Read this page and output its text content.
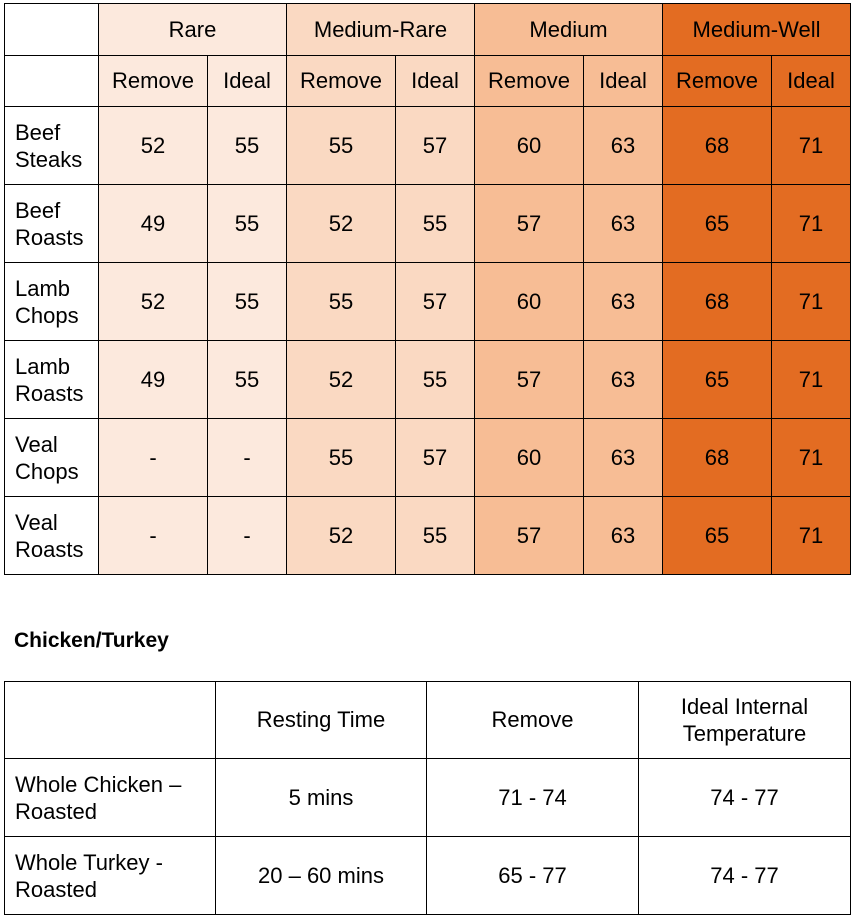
	Rare		Medium-Rare		Medium		Medium-Well	
	Remove	Ideal	Remove	Ideal	Remove	Ideal	Remove	Ideal
Beef
Steaks	52	55	55	57	60	63	68	71
Beef
Roasts	49	55	52	55	57	63	65	71
Lamb
Chops	52	55	55	57	60	63	68	71
Lamb
Roasts	49	55	52	55	57	63	65	71
Veal
Chops	-	-	55	57	60	63	68	71
Veal
Roasts	-	-	52	55	57	63	65	71
Chicken/Turkey
	Resting Time	Remove	Ideal Internal
Temperature
Whole Chicken –
Roasted	5 mins	71 - 74	74 - 77
Whole Turkey -
Roasted	20 – 60 mins	65 - 77	74 - 77
